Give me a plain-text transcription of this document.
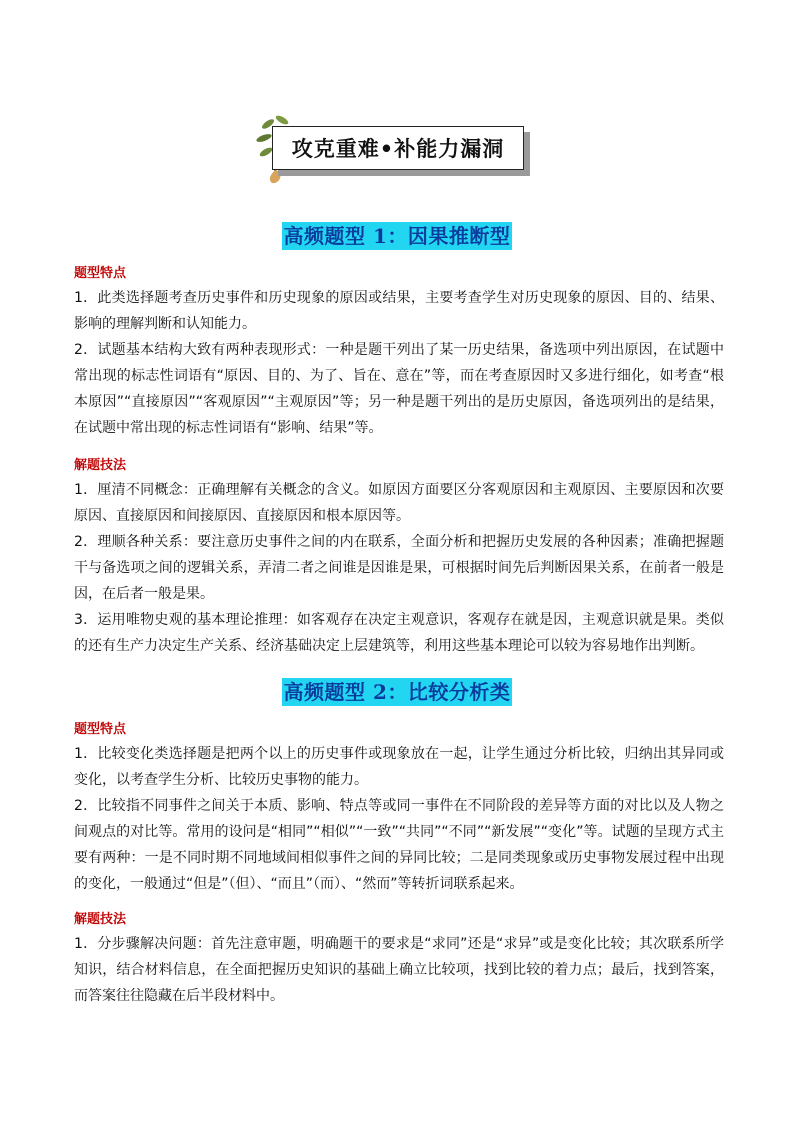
攻克重难•补能力漏洞
高频题型 1：因果推断型
题型特点

1．此类选择题考查历史事件和历史现象的原因或结果，主要考查学生对历史现象的原因、目的、结果、影响的理解判断和认知能力。

2．试题基本结构大致有两种表现形式：一种是题干列出了某一历史结果，备选项中列出原因，在试题中常出现的标志性词语有“原因、目的、为了、旨在、意在”等，而在考查原因时又多进行细化，如考查“根本原因”“直接原因”“客观原因”“主观原因”等；另一种是题干列出的是历史原因，备选项列出的是结果，在试题中常出现的标志性词语有“影响、结果”等。

解题技法

1．厘清不同概念：正确理解有关概念的含义。如原因方面要区分客观原因和主观原因、主要原因和次要原因、直接原因和间接原因、直接原因和根本原因等。

2．理顺各种关系：要注意历史事件之间的内在联系，全面分析和把握历史发展的各种因素；准确把握题干与备选项之间的逻辑关系，弄清二者之间谁是因谁是果，可根据时间先后判断因果关系，在前者一般是因，在后者一般是果。

3．运用唯物史观的基本理论推理：如客观存在决定主观意识，客观存在就是因，主观意识就是果。类似的还有生产力决定生产关系、经济基础决定上层建筑等，利用这些基本理论可以较为容易地作出判断。

高频题型 2：比较分析类
题型特点

1．比较变化类选择题是把两个以上的历史事件或现象放在一起，让学生通过分析比较，归纳出其异同或变化，以考查学生分析、比较历史事物的能力。

2．比较指不同事件之间关于本质、影响、特点等或同一事件在不同阶段的差异等方面的对比以及人物之间观点的对比等。常用的设问是“相同”“相似”“一致”“共同”“不同”“新发展”“变化”等。试题的呈现方式主要有两种：一是不同时期不同地域间相似事件之间的异同比较；二是同类现象或历史事物发展过程中出现的变化，一般通过“但是”（但）、“而且”（而）、“然而”等转折词联系起来。

解题技法

1．分步骤解决问题：首先注意审题，明确题干的要求是“求同”还是“求异”或是变化比较；其次联系所学知识，结合材料信息，在全面把握历史知识的基础上确立比较项，找到比较的着力点；最后，找到答案，而答案往往隐藏在后半段材料中。
